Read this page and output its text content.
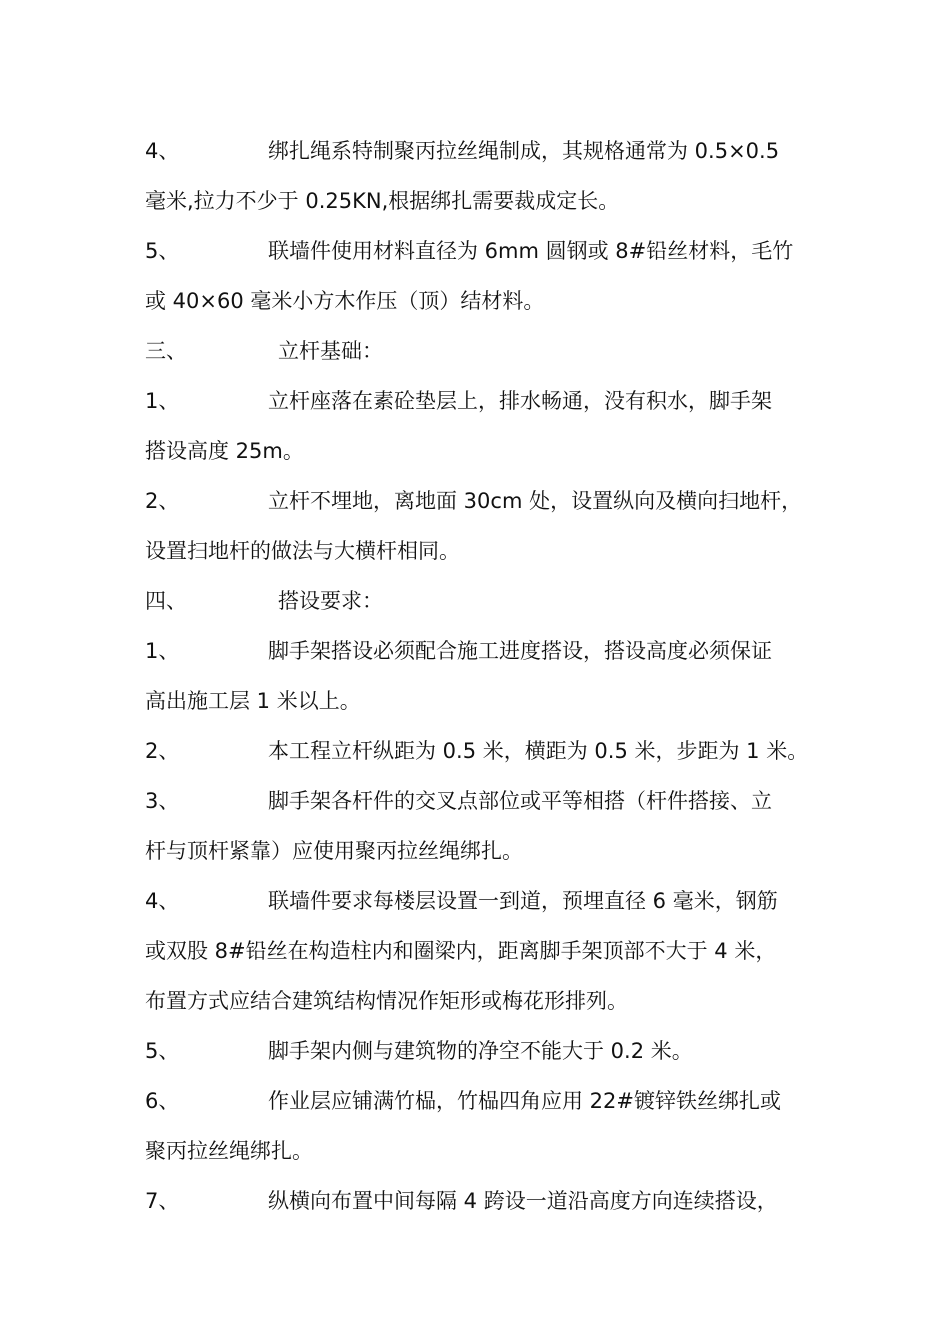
4、	绑扎绳系特制聚丙拉丝绳制成，其规格通常为 0.5×0.5
毫米,拉力不少于 0.25KN,根据绑扎需要裁成定长。
5、	联墙件使用材料直径为 6mm 圆钢或 8#铅丝材料，毛竹
或 40×60 毫米小方木作压（顶）结材料。
三、	立杆基础：
1、	立杆座落在素砼垫层上，排水畅通，没有积水，脚手架
搭设高度 25m。
2、	立杆不埋地，离地面 30cm 处，设置纵向及横向扫地杆，
设置扫地杆的做法与大横杆相同。
四、	搭设要求：
1、	脚手架搭设必须配合施工进度搭设，搭设高度必须保证
高出施工层 1 米以上。
2、	本工程立杆纵距为 0.5 米，横距为 0.5 米，步距为 1 米。
3、	脚手架各杆件的交叉点部位或平等相搭（杆件搭接、立
杆与顶杆紧靠）应使用聚丙拉丝绳绑扎。
4、	联墙件要求每楼层设置一到道，预埋直径 6 毫米，钢筋
或双股 8#铅丝在构造柱内和圈梁内，距离脚手架顶部不大于 4 米，
布置方式应结合建筑结构情况作矩形或梅花形排列。
5、	脚手架内侧与建筑物的净空不能大于 0.2 米。
6、	作业层应铺满竹榀，竹榀四角应用 22#镀锌铁丝绑扎或
聚丙拉丝绳绑扎。
7、	纵横向布置中间每隔 4 跨设一道沿高度方向连续搭设，
